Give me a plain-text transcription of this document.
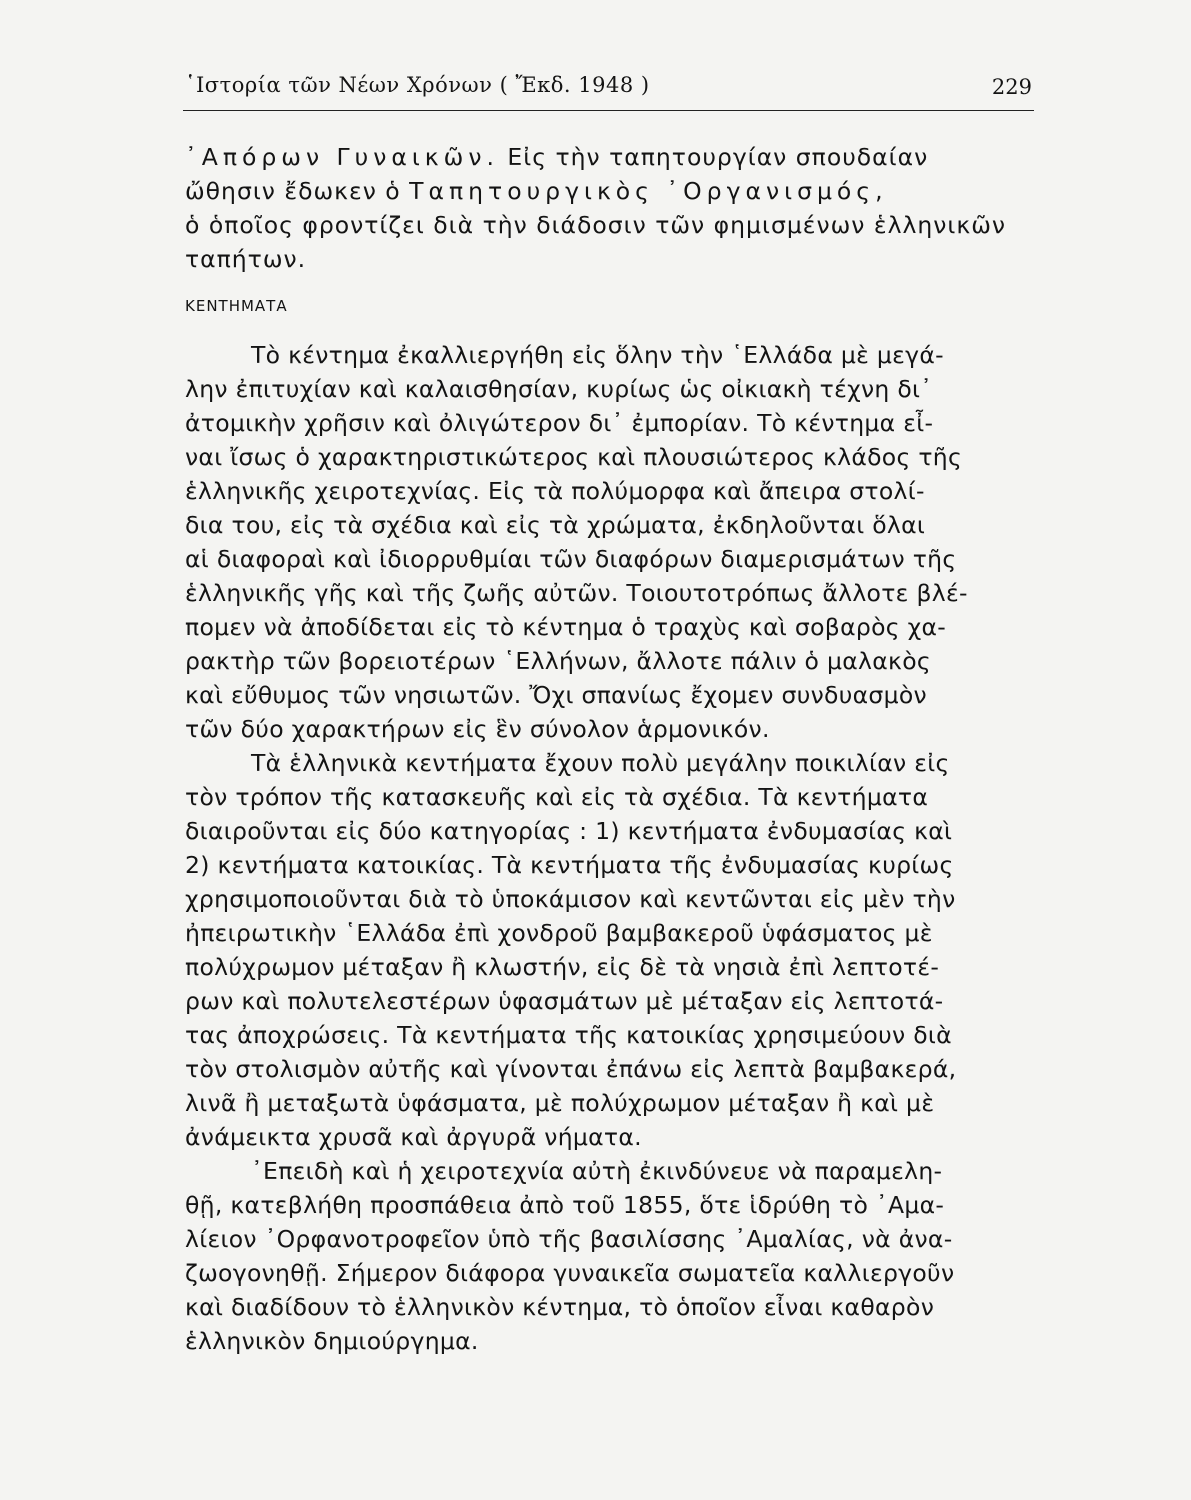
῾Ιστορία τῶν Νέων Χρόνων ( Ἔκδ. 1948 )	229
᾿Απόρων Γυναικῶν. Εἰς τὴν ταπητουργίαν σπουδαίαν
ὤθησιν ἔδωκεν ὁ Ταπητουργικὸς ᾿Οργανισμός,
ὁ ὁποῖος φροντίζει διὰ τὴν διάδοσιν τῶν φημισμένων ἑλληνικῶν
ταπήτων.
ΚΕΝΤΗΜΑΤΑ
Τὸ κέντημα ἐκαλλιεργήθη εἰς ὅλην τὴν ῾Ελλάδα μὲ μεγά-
λην ἐπιτυχίαν καὶ καλαισθησίαν, κυρίως ὡς οἰκιακὴ τέχνη δι᾿
ἀτομικὴν χρῆσιν καὶ ὀλιγώτερον δι᾿ ἐμπορίαν. Τὸ κέντημα εἶ-
ναι ἴσως ὁ χαρακτηριστικώτερος καὶ πλουσιώτερος κλάδος τῆς
ἑλληνικῆς χειροτεχνίας. Εἰς τὰ πολύμορφα καὶ ἄπειρα στολί-
δια του, εἰς τὰ σχέδια καὶ εἰς τὰ χρώματα, ἐκδηλοῦνται ὅλαι
αἱ διαφοραὶ καὶ ἰδιορρυθμίαι τῶν διαφόρων διαμερισμάτων τῆς
ἑλληνικῆς γῆς καὶ τῆς ζωῆς αὐτῶν. Τοιουτοτρόπως ἄλλοτε βλέ-
πομεν νὰ ἀποδίδεται εἰς τὸ κέντημα ὁ τραχὺς καὶ σοβαρὸς χα-
ρακτὴρ τῶν βορειοτέρων ῾Ελλήνων, ἄλλοτε πάλιν ὁ μαλακὸς
καὶ εὔθυμος τῶν νησιωτῶν. Ὄχι σπανίως ἔχομεν συνδυασμὸν
τῶν δύο χαρακτήρων εἰς ἓν σύνολον ἁρμονικόν.
Τὰ ἑλληνικὰ κεντήματα ἔχουν πολὺ μεγάλην ποικιλίαν εἰς
τὸν τρόπον τῆς κατασκευῆς καὶ εἰς τὰ σχέδια. Τὰ κεντήματα
διαιροῦνται εἰς δύο κατηγορίας : 1) κεντήματα ἐνδυμασίας καὶ
2) κεντήματα κατοικίας. Τὰ κεντήματα τῆς ἐνδυμασίας κυρίως
χρησιμοποιοῦνται διὰ τὸ ὑποκάμισον καὶ κεντῶνται εἰς μὲν τὴν
ἠπειρωτικὴν ῾Ελλάδα ἐπὶ χονδροῦ βαμβακεροῦ ὑφάσματος μὲ
πολύχρωμον μέταξαν ἢ κλωστήν, εἰς δὲ τὰ νησιὰ ἐπὶ λεπτοτέ-
ρων καὶ πολυτελεστέρων ὑφασμάτων μὲ μέταξαν εἰς λεπτοτά-
τας ἀποχρώσεις. Τὰ κεντήματα τῆς κατοικίας χρησιμεύουν διὰ
τὸν στολισμὸν αὐτῆς καὶ γίνονται ἐπάνω εἰς λεπτὰ βαμβακερά,
λινᾶ ἢ μεταξωτὰ ὑφάσματα, μὲ πολύχρωμον μέταξαν ἢ καὶ μὲ
ἀνάμεικτα χρυσᾶ καὶ ἀργυρᾶ νήματα.
᾿Επειδὴ καὶ ἡ χειροτεχνία αὐτὴ ἐκινδύνευε νὰ παραμελη-
θῇ, κατεβλήθη προσπάθεια ἀπὸ τοῦ 1855, ὅτε ἱδρύθη τὸ ᾿Αμα-
λίειον ᾿Ορφανοτροφεῖον ὑπὸ τῆς βασιλίσσης ᾿Αμαλίας, νὰ ἀνα-
ζωογονηθῇ. Σήμερον διάφορα γυναικεῖα σωματεῖα καλλιεργοῦν
καὶ διαδίδουν τὸ ἑλληνικὸν κέντημα, τὸ ὁποῖον εἶναι καθαρὸν
ἑλληνικὸν δημιούργημα.
